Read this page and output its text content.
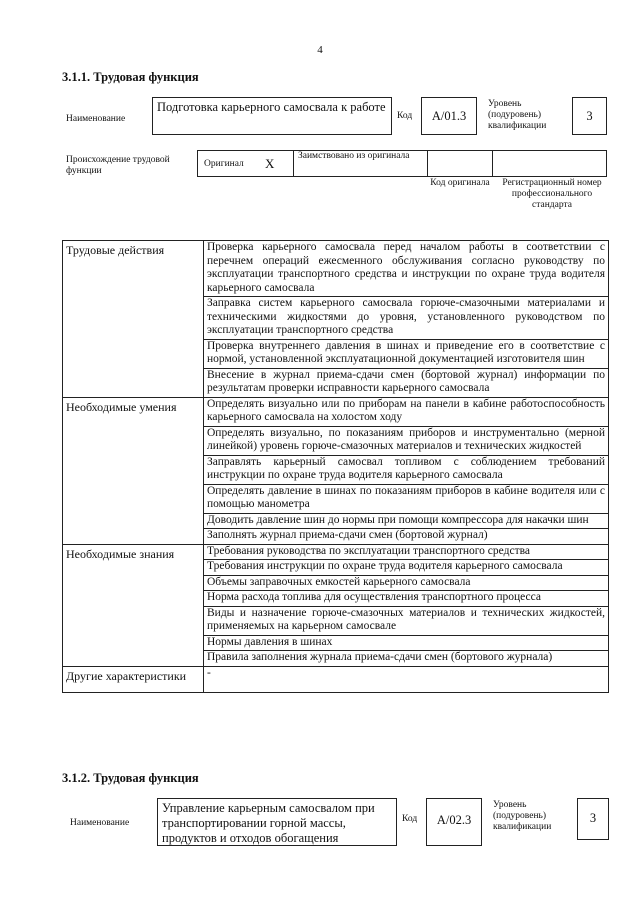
4
3.1.1. Трудовая функция
Наименование
Подготовка карьерного самосвала к работе
Код	A/01.3
Уровень (подуровень) квалификации
3
Происхождение трудовой функции
Оригинал X Заимствовано из оригинала
Код оригинала	Регистрационный номер профессионального стандарта
Трудовые действия	Проверка карьерного самосвала перед началом работы в соответствии с перечнем операций ежесменного обслуживания согласно руководству по эксплуатации транспортного средства и инструкции по охране труда водителя карьерного самосвала
	Заправка систем карьерного самосвала горюче-смазочными материалами и техническими жидкостями до уровня, установленного руководством по эксплуатации транспортного средства
	Проверка внутреннего давления в шинах и приведение его в соответствие с нормой, установленной эксплуатационной документацией изготовителя шин
	Внесение в журнал приема-сдачи смен (бортовой журнал) информации по результатам проверки исправности карьерного самосвала
Необходимые умения	Определять визуально или по приборам на панели в кабине работоспособность карьерного самосвала на холостом ходу
	Определять визуально, по показаниям приборов и инструментально (мерной линейкой) уровень горюче-смазочных материалов и технических жидкостей
	Заправлять карьерный самосвал топливом с соблюдением требований инструкции по охране труда водителя карьерного самосвала
	Определять давление в шинах по показаниям приборов в кабине водителя или с помощью манометра
	Доводить давление шин до нормы при помощи компрессора для накачки шин
	Заполнять журнал приема-сдачи смен (бортовой журнал)
Необходимые знания	Требования руководства по эксплуатации транспортного средства
	Требования инструкции по охране труда водителя карьерного самосвала
	Объемы заправочных емкостей карьерного самосвала
	Норма расхода топлива для осуществления транспортного процесса
	Виды и назначение горюче-смазочных материалов и технических жидкостей, применяемых на карьерном самосвале
	Нормы давления в шинах
	Правила заполнения журнала приема-сдачи смен (бортового журнала)
Другие характеристики	-
3.1.2. Трудовая функция
Наименование
Управление карьерным самосвалом при транспортировании горной массы, продуктов и отходов обогащения
Код	A/02.3
Уровень (подуровень) квалификации
3
